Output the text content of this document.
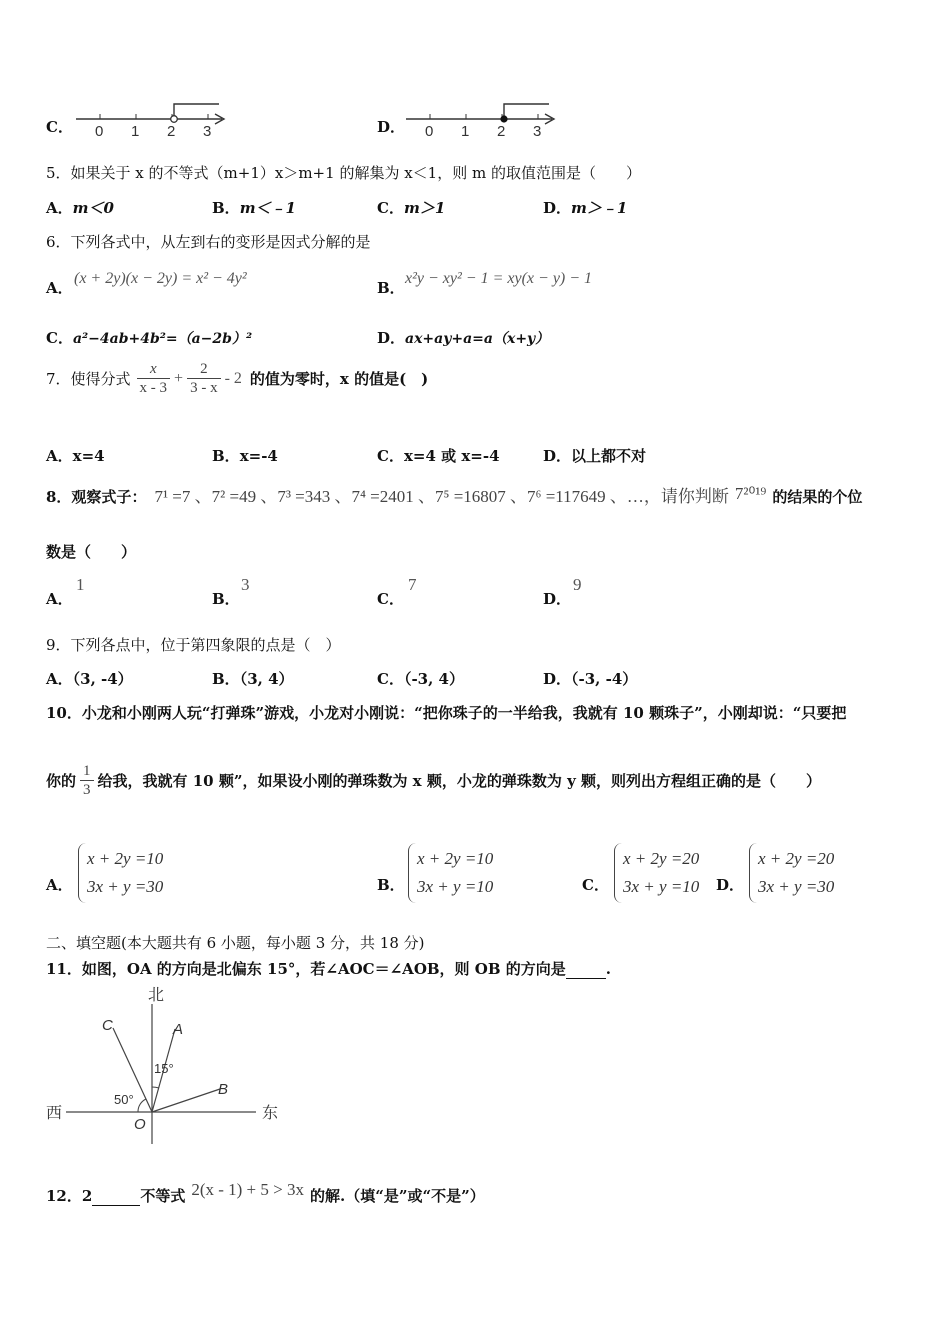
C． 0 1 2 3	D． 0 1 2 3
5．如果关于 x 的不等式（m+1）x＞m+1 的解集为 x＜1，则 m 的取值范围是（　　）
A．m＜0	B．m＜﹣1	C．m＞1	D．m＞﹣1
6．下列各式中，从左到右的变形是因式分解的是
A．
(x + 2y)(x − 2y) = x² − 4y²
B．
x²y − xy² − 1 = xy(x − y) − 1
C．a²−4ab+4b²=（a−2b）²	D．ax+ay+a=a（x+y）
7．使得分式 $\frac{x}{x - 3} + \frac{2}{3 - x} - 2$ 的值为零时，x 的值是(　)
A．x=4	B．x=-4	C．x=4 或 x=-4	D．以上都不对
8．观察式子： 7¹ =7 、7² =49 、7³ =343 、7⁴ =2401 、7⁵ =16807 、7⁶ =117649 、…，请你判断 7²⁰¹⁹ 的结果的个位
数是（　　）
A．
1
B．
3
C．
7
D．
9
9．下列各点中，位于第四象限的点是（　）
A．（3, -4）	B．（3, 4）	C．（-3, 4）	D．（-3, -4）
10．小龙和小刚两人玩“打弹珠”游戏，小龙对小刚说：“把你珠子的一半给我，我就有 10 颗珠子”，小刚却说：“只要把
你的 $\frac{1}{3}$ 给我，我就有 10 颗”，如果设小刚的弹珠数为 x 颗，小龙的弹珠数为 y 颗，则列出方程组正确的是（　　）
A．
x + 2y =10
3x + y =30	B．
x + 2y =10
3x + y =10	C．
x + 2y =20
3x + y =10 D．
x + 2y =20
3x + y =30
二、填空题(本大题共有 6 小题，每小题 3 分，共 18 分)
11．如图，OA 的方向是北偏东 15°，若∠AOC＝∠AOB，则 OB 的方向是	.
北
西	东
O
A
B
C
15°
50°
12．2
	不等式 2(x - 1) + 5 > 3x 的解.（填“是”或“不是”）
